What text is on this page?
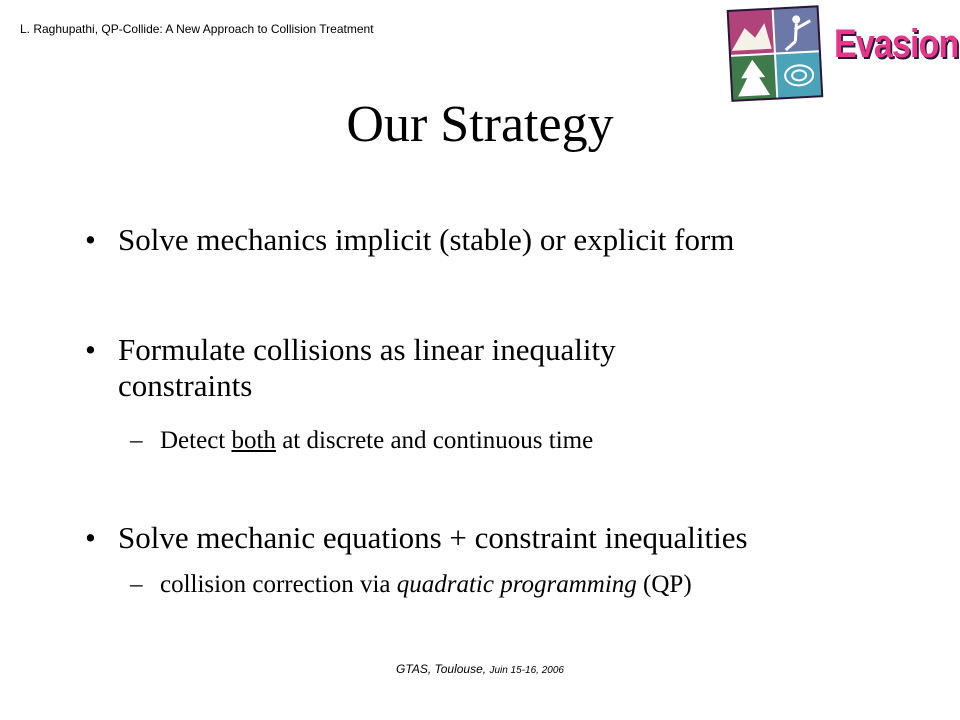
L. Raghupathi, QP-Collide: A New Approach to Collision Treatment	Evasion
Our Strategy
• Solve mechanics implicit (stable) or explicit form
• Formulate collisions as linear inequality
constraints
– Detect both at discrete and continuous time
• Solve mechanic equations + constraint inequalities
– collision correction via quadratic programming (QP)
GTAS, Toulouse, Juin 15-16, 2006
